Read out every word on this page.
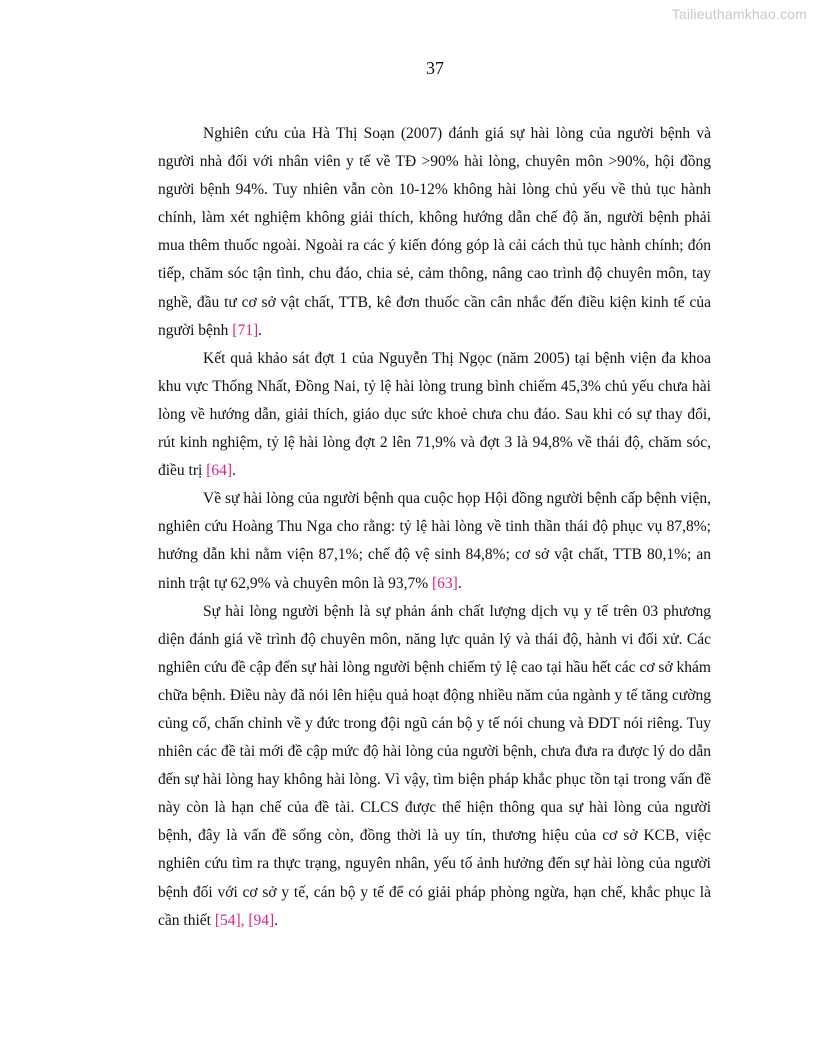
Tailieuthamkhao.com
37

Nghiên cứu của Hà Thị Soạn (2007) đánh giá sự hài lòng của người bệnh và người nhà đối với nhân viên y tế về TĐ >90% hài lòng, chuyên môn >90%, hội đồng người bệnh 94%. Tuy nhiên vẫn còn 10-12% không hài lòng chủ yếu về thủ tục hành chính, làm xét nghiệm không giải thích, không hướng dẫn chế độ ăn, người bệnh phải mua thêm thuốc ngoài. Ngoài ra các ý kiến đóng góp là cải cách thủ tục hành chính; đón tiếp, chăm sóc tận tình, chu đáo, chia sẻ, cảm thông, nâng cao trình độ chuyên môn, tay nghề, đầu tư cơ sở vật chất, TTB, kê đơn thuốc cần cân nhắc đến điều kiện kinh tế của người bệnh [71].

Kết quả khảo sát đợt 1 của Nguyễn Thị Ngọc (năm 2005) tại bệnh viện đa khoa khu vực Thống Nhất, Đồng Nai, tỷ lệ hài lòng trung bình chiếm 45,3% chủ yếu chưa hài lòng về hướng dẫn, giải thích, giáo dục sức khoẻ chưa chu đáo. Sau khi có sự thay đổi, rút kinh nghiệm, tỷ lệ hài lòng đợt 2 lên 71,9% và đợt 3 là 94,8% về thái độ, chăm sóc, điều trị [64].

Về sự hài lòng của người bệnh qua cuộc họp Hội đồng người bệnh cấp bệnh viện, nghiên cứu Hoàng Thu Nga cho rằng: tỷ lệ hài lòng về tinh thần thái độ phục vụ 87,8%; hướng dẫn khi nằm viện 87,1%; chế độ vệ sinh 84,8%; cơ sở vật chất, TTB 80,1%; an ninh trật tự 62,9% và chuyên môn là 93,7% [63].

Sự hài lòng người bệnh là sự phản ánh chất lượng dịch vụ y tế trên 03 phương diện đánh giá về trình độ chuyên môn, năng lực quản lý và thái độ, hành vi đối xử. Các nghiên cứu đề cập đến sự hài lòng người bệnh chiếm tỷ lệ cao tại hầu hết các cơ sở khám chữa bệnh. Điều này đã nói lên hiệu quả hoạt động nhiều năm của ngành y tế tăng cường củng cố, chấn chỉnh về y đức trong đội ngũ cán bộ y tế nói chung và ĐDT nói riêng. Tuy nhiên các đề tài mới đề cập mức độ hài lòng của người bệnh, chưa đưa ra được lý do dẫn đến sự hài lòng hay không hài lòng. Vì vậy, tìm biện pháp khắc phục tồn tại trong vấn đề này còn là hạn chế của đề tài. CLCS được thể hiện thông qua sự hài lòng của người bệnh, đây là vấn đề sống còn, đồng thời là uy tín, thương hiệu của cơ sở KCB, việc nghiên cứu tìm ra thực trạng, nguyên nhân, yếu tố ảnh hưởng đến sự hài lòng của người bệnh đối với cơ sở y tế, cán bộ y tế để có giải pháp phòng ngừa, hạn chế, khắc phục là cần thiết [54], [94].
